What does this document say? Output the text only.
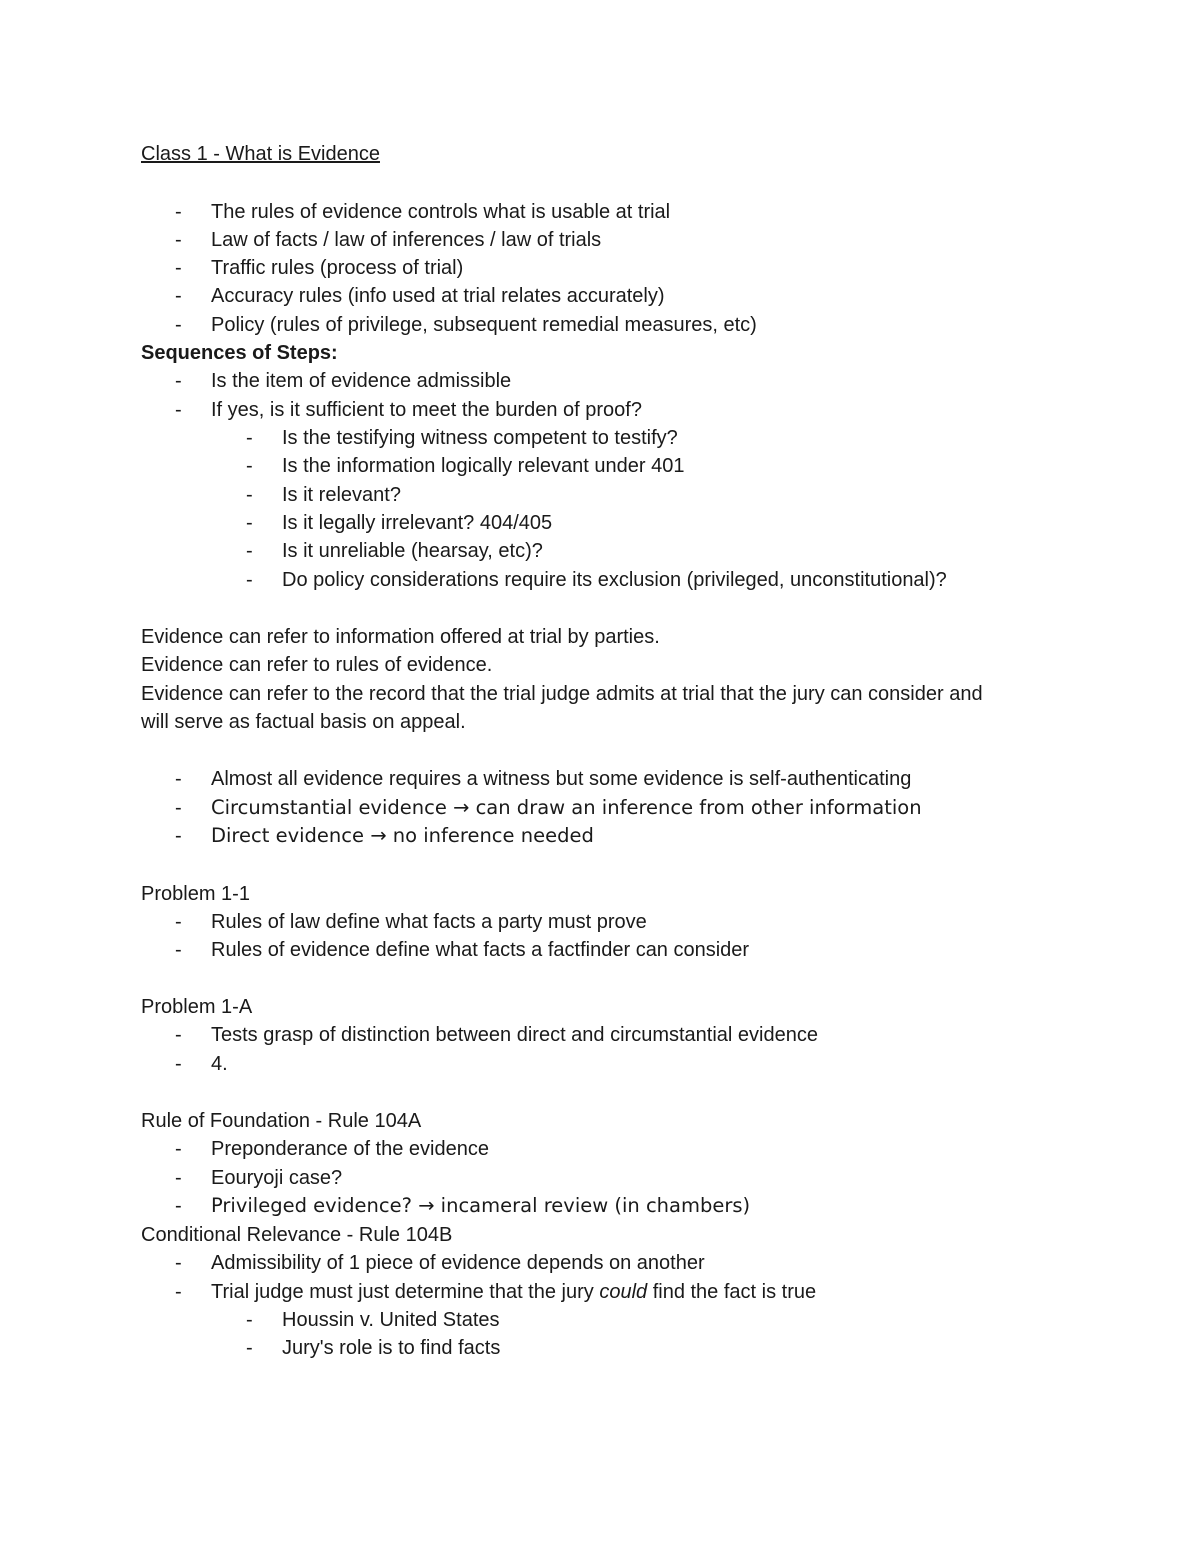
Class 1 - What is Evidence
- The rules of evidence controls what is usable at trial
- Law of facts / law of inferences / law of trials
- Traffic rules (process of trial)
- Accuracy rules (info used at trial relates accurately)
- Policy (rules of privilege, subsequent remedial measures, etc)
Sequences of Steps:
- Is the item of evidence admissible
- If yes, is it sufficient to meet the burden of proof?
- Is the testifying witness competent to testify?
- Is the information logically relevant under 401
- Is it relevant?
- Is it legally irrelevant? 404/405
- Is it unreliable (hearsay, etc)?
- Do policy considerations require its exclusion (privileged, unconstitutional)?
Evidence can refer to information offered at trial by parties.
Evidence can refer to rules of evidence.
Evidence can refer to the record that the trial judge admits at trial that the jury can consider and
will serve as factual basis on appeal.
- Almost all evidence requires a witness but some evidence is self-authenticating
- Circumstantial evidence → can draw an inference from other information
- Direct evidence → no inference needed
Problem 1-1
- Rules of law define what facts a party must prove
- Rules of evidence define what facts a factfinder can consider
Problem 1-A
- Tests grasp of distinction between direct and circumstantial evidence
- 4.
Rule of Foundation - Rule 104A
- Preponderance of the evidence
- Eouryoji case?
- Privileged evidence? → incameral review (in chambers)
Conditional Relevance - Rule 104B
- Admissibility of 1 piece of evidence depends on another
- Trial judge must just determine that the jury could find the fact is true
- Houssin v. United States
- Jury's role is to find facts
